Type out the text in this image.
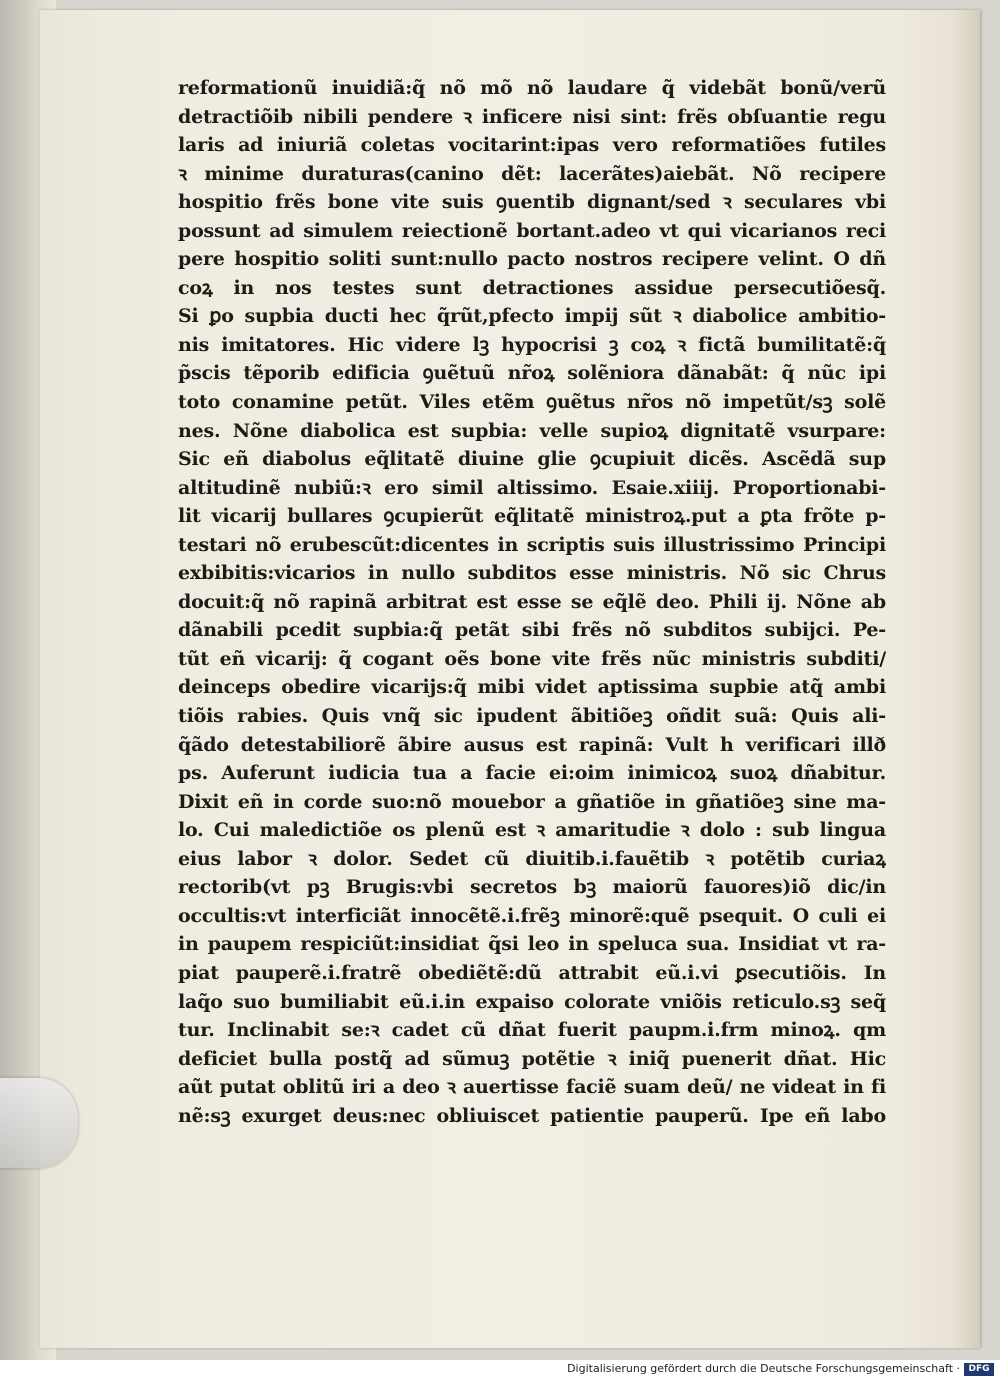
reformationũ inuidiã:q̃ nõ mõ nõ laudare q̃ videbãt bonũ/verũ
detractiõib nibili pendere ꝛ inficere nisi sint: frẽs obſuantie regu
laris ad iniuriã coletas vocitarint:ipas vero reformatiões futiles
ꝛ minime duraturas(canino dẽt: lacerãtes)aiebãt. Nõ recipere
hospitio frẽs bone vite suis ꝯuentib dignant/sed ꝛ seculares vbi
possunt ad simulem reiectionẽ bortant.adeo vt qui vicarianos reci
pere hospitio soliti sunt:nullo pacto nostros recipere velint. O dñ
coꝝ in nos testes sunt detractiones assidue persecutiõesq̃.
Si ꝑo supbia ducti hec q̃rũt,pfecto impij sũt ꝛ diabolice ambitio-
nis imitatores. Hic videre lꝫ hypocrisi ꝫ coꝝ ꝛ fictã bumilitatẽ:q̃
p̃scis tẽporib edificia ꝯuẽtuũ nr̃oꝝ solẽniora dãnabãt: q̃ nũc ipi
toto conamine petũt. Viles etẽm ꝯuẽtus nr̃os nõ impetũt/sꝫ solẽ
nes. Nõne diabolica est supbia: velle supioꝝ dignitatẽ vsurpare:
Sic eñ diabolus eq̃litatẽ diuine glie ꝯcupiuit dicẽs. Ascẽdã sup
altitudinẽ nubiũ:ꝛ ero simil altissimo. Esaie.xiiij. Proportionabi-
lit vicarij bullares ꝯcupierũt eq̃litatẽ ministroꝝ.put a ꝑta frõte p-
testari nõ erubescũt:dicentes in scriptis suis illustrissimo Principi
exbibitis:vicarios in nullo subditos esse ministris. Nõ sic Chrus
docuit:q̃ nõ rapinã arbitrat est esse se eq̃lẽ deo. Phili ij. Nõne ab
dãnabili pcedit supbia:q̃ petãt sibi frẽs nõ subditos subijci. Pe-
tũt eñ vicarij: q̃ cogant oẽs bone vite frẽs nũc ministris subditi/
deinceps obedire vicarijs:q̃ mibi videt aptissima supbie atq̃ ambi
tiõis rabies. Quis vnq̃ sic ipudent ãbitiõeꝫ oñdit suã: Quis ali-
q̃ãdo detestabiliorẽ ãbire ausus est rapinã: Vult h verificari illð
ps. Auferunt iudicia tua a facie ei:oim inimicoꝝ suoꝝ dñabitur.
Dixit eñ in corde suo:nõ mouebor a gñatiõe in gñatiõeꝫ sine ma-
lo. Cui maledictiõe os plenũ est ꝛ amaritudie ꝛ dolo : sub lingua
eius labor ꝛ dolor. Sedet cũ diuitib.i.fauẽtib ꝛ potẽtib curiaꝝ
rectorib(vt pꝫ Brugis:vbi secretos bꝫ maiorũ fauores)iõ dic/in
occultis:vt interficiãt innocẽtẽ.i.frẽꝫ minorẽ:quẽ psequit. O culi ei
in paupem respiciũt:insidiat q̃si leo in speluca sua. Insidiat vt ra-
piat pauperẽ.i.fratrẽ obediẽtẽ:dũ attrabit eũ.i.vi ꝑsecutiõis. In
laq̃o suo bumiliabit eũ.i.in expaiso colorate vniõis reticulo.sꝫ seq̃
tur. Inclinabit se:ꝛ cadet cũ dñat fuerit paupm.i.frm minoꝝ. qm
deficiet bulla postq̃ ad sũmuꝫ potẽtie ꝛ iniq̃ puenerit dñat. Hic
aũt putat oblitũ iri a deo ꝛ auertisse faciẽ suam deũ/ ne videat in fi
nẽ:sꝫ exurget deus:nec obliuiscet patientie pauperũ. Ipe eñ labo
Digitalisierung gefördert durch die Deutsche Forschungsgemeinschaft · DFG
